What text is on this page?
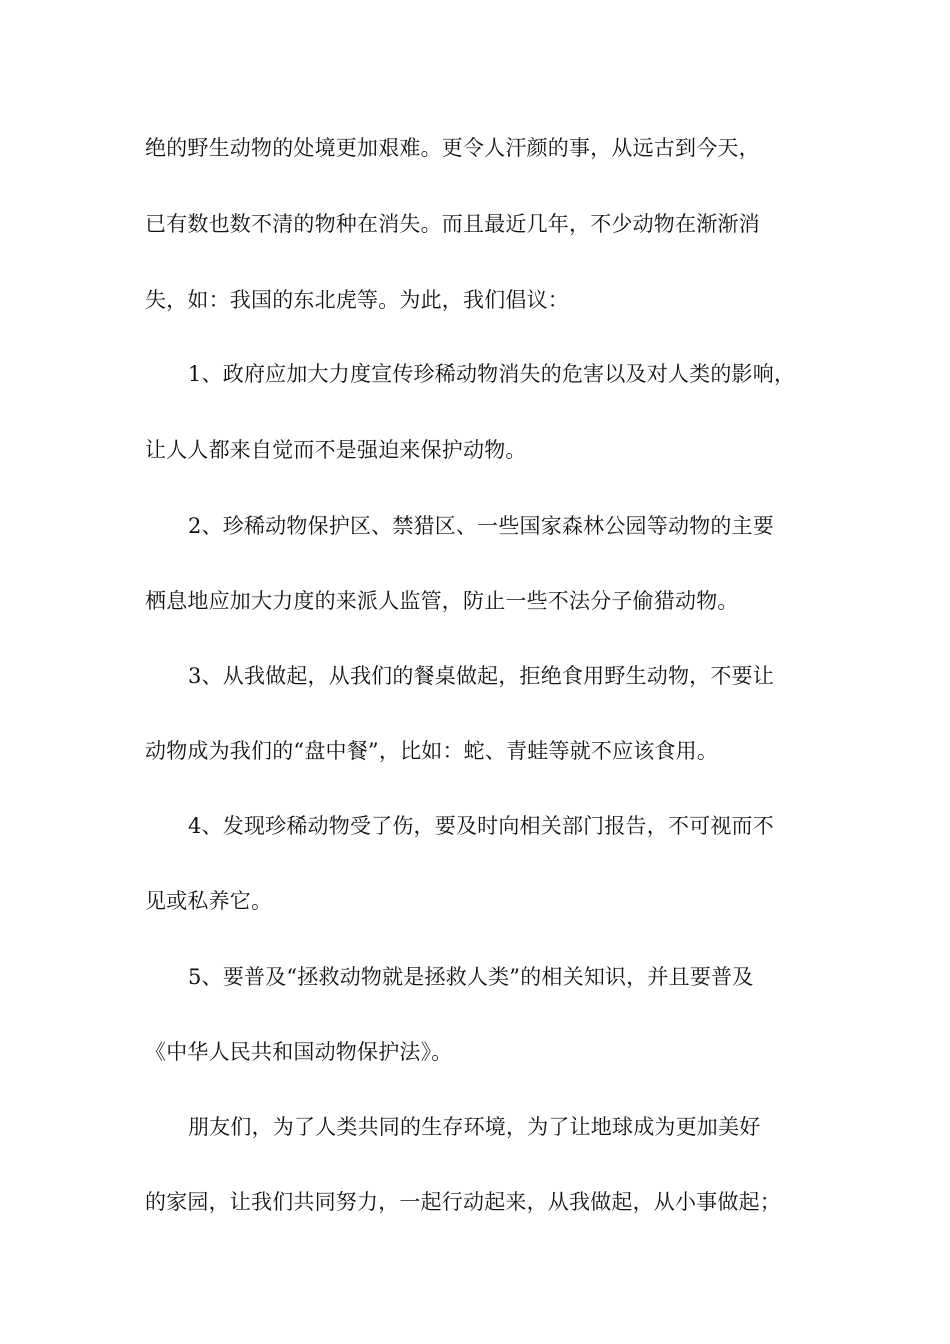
绝的野生动物的处境更加艰难。更令人汗颜的事，从远古到今天，
已有数也数不清的物种在消失。而且最近几年，不少动物在渐渐消
失，如：我国的东北虎等。为此，我们倡议：
1、政府应加大力度宣传珍稀动物消失的危害以及对人类的影响，
让人人都来自觉而不是强迫来保护动物。
2、珍稀动物保护区、禁猎区、一些国家森林公园等动物的主要
栖息地应加大力度的来派人监管，防止一些不法分子偷猎动物。
3、从我做起，从我们的餐桌做起，拒绝食用野生动物，不要让
动物成为我们的“盘中餐”，比如：蛇、青蛙等就不应该食用。
4、发现珍稀动物受了伤，要及时向相关部门报告，不可视而不
见或私养它。
5、要普及“拯救动物就是拯救人类”的相关知识，并且要普及
《中华人民共和国动物保护法》。
朋友们，为了人类共同的生存环境，为了让地球成为更加美好
的家园，让我们共同努力，一起行动起来，从我做起，从小事做起；
